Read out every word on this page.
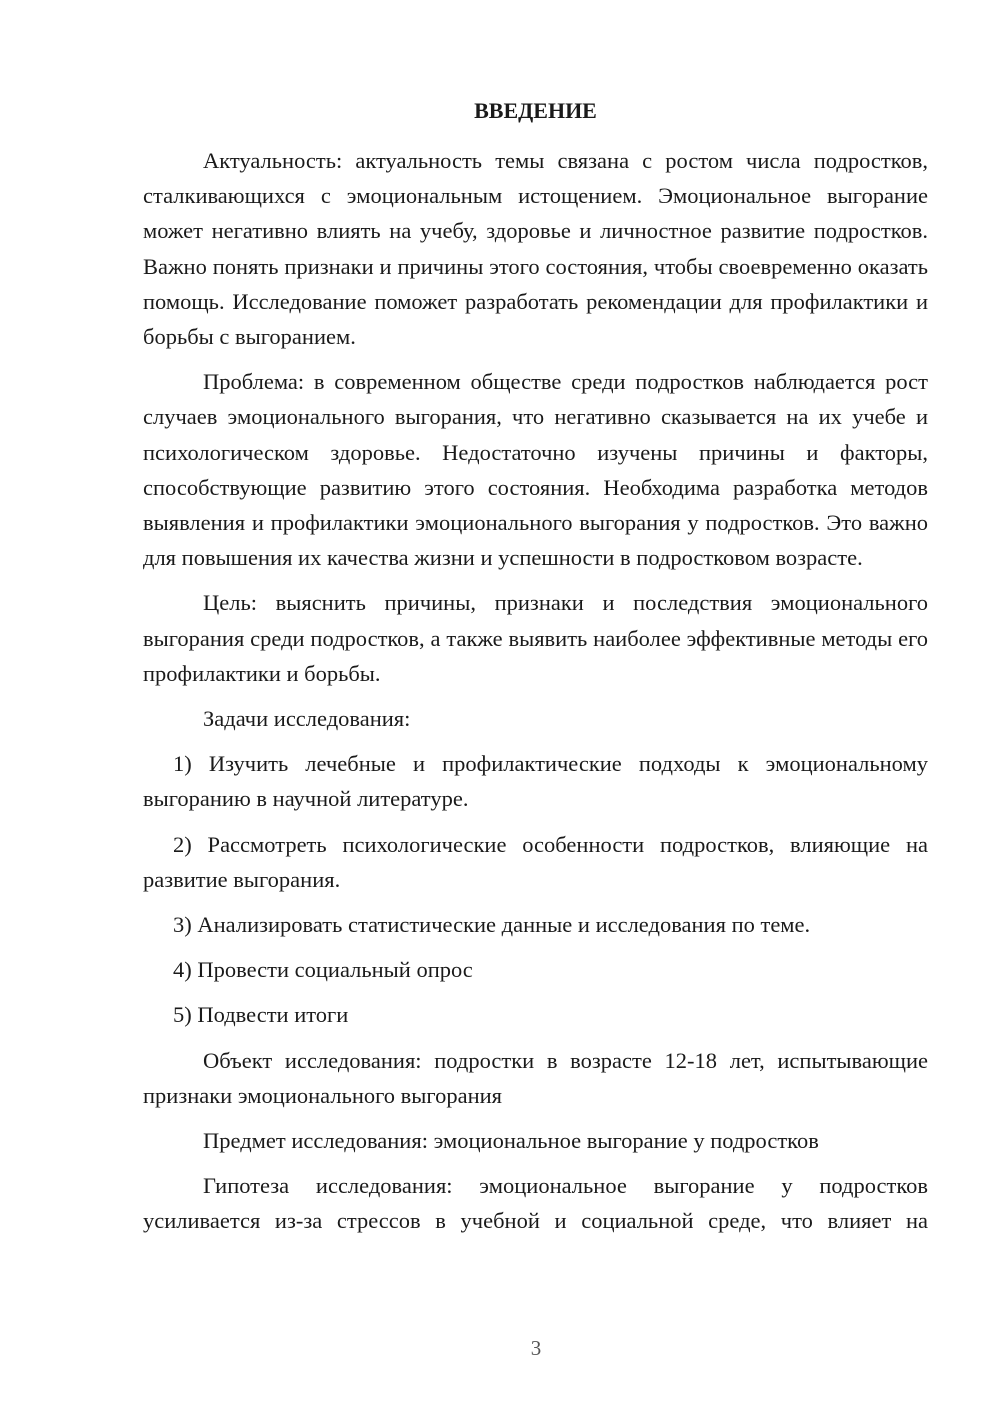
ВВЕДЕНИЕ

Актуальность: актуальность темы связана с ростом числа подростков, сталкивающихся с эмоциональным истощением. Эмоциональное выгорание может негативно влиять на учебу, здоровье и личностное развитие подростков. Важно понять признаки и причины этого состояния, чтобы своевременно оказать помощь. Исследование поможет разработать рекомендации для профилактики и борьбы с выгоранием.

Проблема: в современном обществе среди подростков наблюдается рост случаев эмоционального выгорания, что негативно сказывается на их учебе и психологическом здоровье. Недостаточно изучены причины и факторы, способствующие развитию этого состояния. Необходима разработка методов выявления и профилактики эмоционального выгорания у подростков. Это важно для повышения их качества жизни и успешности в подростковом возрасте.

Цель: выяснить причины, признаки и последствия эмоционального выгорания среди подростков, а также выявить наиболее эффективные методы его профилактики и борьбы.

Задачи исследования:

1) Изучить лечебные и профилактические подходы к эмоциональному выгоранию в научной литературе.

2) Рассмотреть психологические особенности подростков, влияющие на развитие выгорания.

3) Анализировать статистические данные и исследования по теме.

4) Провести социальный опрос

5) Подвести итоги

Объект исследования: подростки в возрасте 12-18 лет, испытывающие признаки эмоционального выгорания

Предмет исследования: эмоциональное выгорание у подростков

Гипотеза исследования: эмоциональное выгорание у подростков усиливается из-за стрессов в учебной и социальной среде, что влияет на

3
